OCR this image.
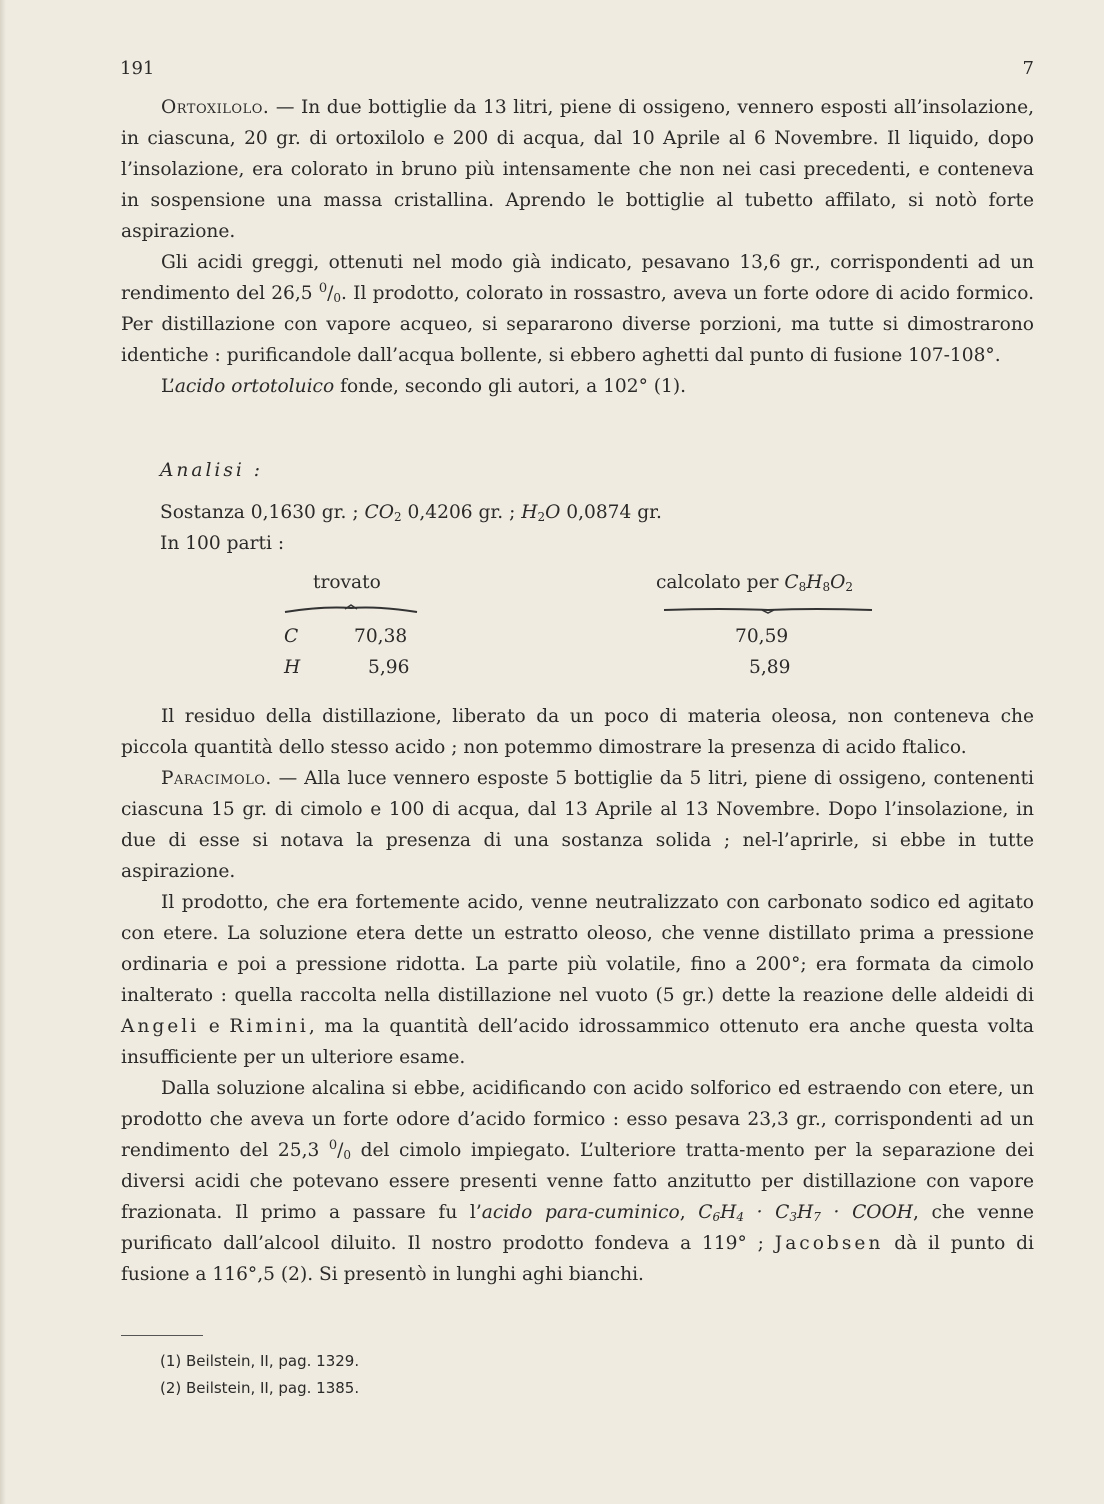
191	7

Ortoxilolo. — In due bottiglie da 13 litri, piene di ossigeno, vennero esposti all’insolazione, in ciascuna, 20 gr. di ortoxilolo e 200 di acqua, dal 10 Aprile al 6 Novembre. Il liquido, dopo l’insolazione, era colorato in bruno più intensamente che non nei casi precedenti, e conteneva in sospensione una massa cristallina. Aprendo le bottiglie al tubetto affilato, si notò forte aspirazione.

Gli acidi greggi, ottenuti nel modo già indicato, pesavano 13,6 gr., corrispondenti ad un rendimento del 26,5 $^0/_0$. Il prodotto, colorato in rossastro, aveva un forte odore di acido formico. Per distillazione con vapore acqueo, si separarono diverse porzioni, ma tutte si dimostrarono identiche : purificandole dall’acqua bollente, si ebbero aghetti dal punto di fusione 107-108°.

L’acido ortotoluico fonde, secondo gli autori, a 102° (1).

Analisi :
Sostanza 0,1630 gr. ; $CO_2$ 0,4206 gr. ; $H_2O$ 0,0874 gr.
In 100 parti :
trovato	calcolato per $C_8H_8O_2$
C	70,38	70,59
H	5,96	5,89

Il residuo della distillazione, liberato da un poco di materia oleosa, non conteneva che piccola quantità dello stesso acido ; non potemmo dimostrare la presenza di acido ftalico.

Paracimolo. — Alla luce vennero esposte 5 bottiglie da 5 litri, piene di ossigeno, contenenti ciascuna 15 gr. di cimolo e 100 di acqua, dal 13 Aprile al 13 Novembre. Dopo l’insolazione, in due di esse si notava la presenza di una sostanza solida ; nel-l’aprirle, si ebbe in tutte aspirazione.

Il prodotto, che era fortemente acido, venne neutralizzato con carbonato sodico ed agitato con etere. La soluzione etera dette un estratto oleoso, che venne distillato prima a pressione ordinaria e poi a pressione ridotta. La parte più volatile, fino a 200°; era formata da cimolo inalterato : quella raccolta nella distillazione nel vuoto (5 gr.) dette la reazione delle aldeidi di Angeli e Rimini, ma la quantità dell’acido idrossammico ottenuto era anche questa volta insufficiente per un ulteriore esame.

Dalla soluzione alcalina si ebbe, acidificando con acido solforico ed estraendo con etere, un prodotto che aveva un forte odore d’acido formico : esso pesava 23,3 gr., corrispondenti ad un rendimento del 25,3 $^0/_0$ del cimolo impiegato. L’ulteriore tratta-mento per la separazione dei diversi acidi che potevano essere presenti venne fatto anzitutto per distillazione con vapore frazionata. Il primo a passare fu l’acido para-cuminico, $C_6H_4 \cdot C_3H_7$ · COOH, che venne purificato dall’alcool diluito. Il nostro prodotto fondeva a 119° ; Jacobsen dà il punto di fusione a 116°,5 (2). Si presentò in lunghi aghi bianchi.

(1) Beilstein, II, pag. 1329.
(2) Beilstein, II, pag. 1385.
